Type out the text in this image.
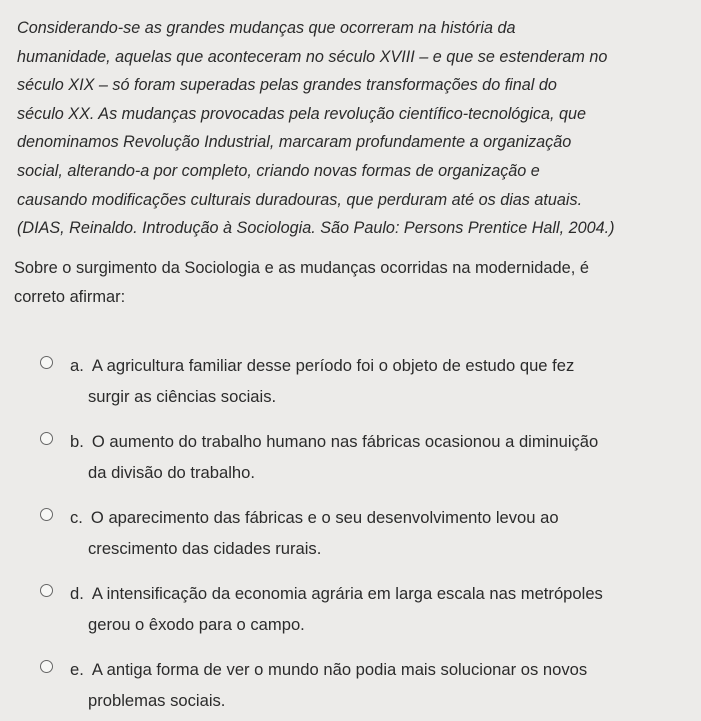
Considerando-se as grandes mudanças que ocorreram na história da
humanidade, aquelas que aconteceram no século XVIII – e que se estenderam no
século XIX – só foram superadas pelas grandes transformações do final do
século XX. As mudanças provocadas pela revolução científico-tecnológica, que
denominamos Revolução Industrial, marcaram profundamente a organização
social, alterando-a por completo, criando novas formas de organização e
causando modificações culturais duradouras, que perduram até os dias atuais.
(DIAS, Reinaldo. Introdução à Sociologia. São Paulo: Persons Prentice Hall, 2004.)
Sobre o surgimento da Sociologia e as mudanças ocorridas na modernidade, é
correto afirmar:
a. A agricultura familiar desse período foi o objeto de estudo que fez
surgir as ciências sociais.
b. O aumento do trabalho humano nas fábricas ocasionou a diminuição
da divisão do trabalho.
c. O aparecimento das fábricas e o seu desenvolvimento levou ao
crescimento das cidades rurais.
d. A intensificação da economia agrária em larga escala nas metrópoles
gerou o êxodo para o campo.
e. A antiga forma de ver o mundo não podia mais solucionar os novos
problemas sociais.
